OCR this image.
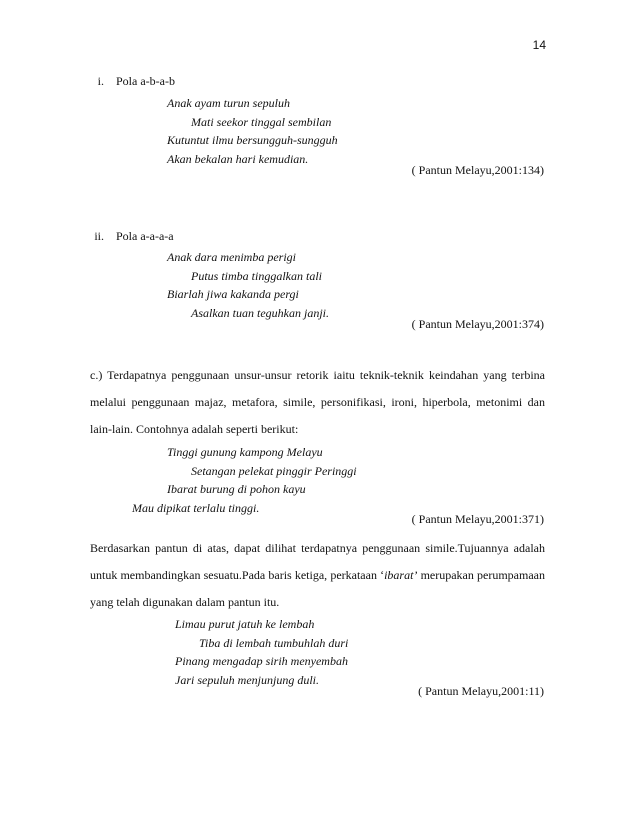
14
i. Pola a-b-a-b
Anak ayam turun sepuluh
Mati seekor tinggal sembilan
Kutuntut ilmu bersungguh-sungguh
Akan bekalan hari kemudian.
( Pantun Melayu,2001:134)
ii. Pola a-a-a-a
Anak dara menimba perigi
Putus timba tinggalkan tali
Biarlah jiwa kakanda pergi
Asalkan tuan teguhkan janji.
( Pantun Melayu,2001:374)
c.) Terdapatnya penggunaan unsur-unsur retorik iaitu teknik-teknik keindahan yang terbina melalui penggunaan majaz, metafora, simile, personifikasi, ironi, hiperbola, metonimi dan lain-lain. Contohnya adalah seperti berikut:
Tinggi gunung kampong Melayu
Setangan pelekat pinggir Peringgi
Ibarat burung di pohon kayu
Mau dipikat terlalu tinggi.
( Pantun Melayu,2001:371)
Berdasarkan pantun di atas, dapat dilihat terdapatnya penggunaan simile.Tujuannya adalah untuk membandingkan sesuatu.Pada baris ketiga, perkataan ‘ibarat’ merupakan perumpamaan yang telah digunakan dalam pantun itu.
Limau purut jatuh ke lembah
Tiba di lembah tumbuhlah duri
Pinang mengadap sirih menyembah
Jari sepuluh menjunjung duli.
( Pantun Melayu,2001:11)
